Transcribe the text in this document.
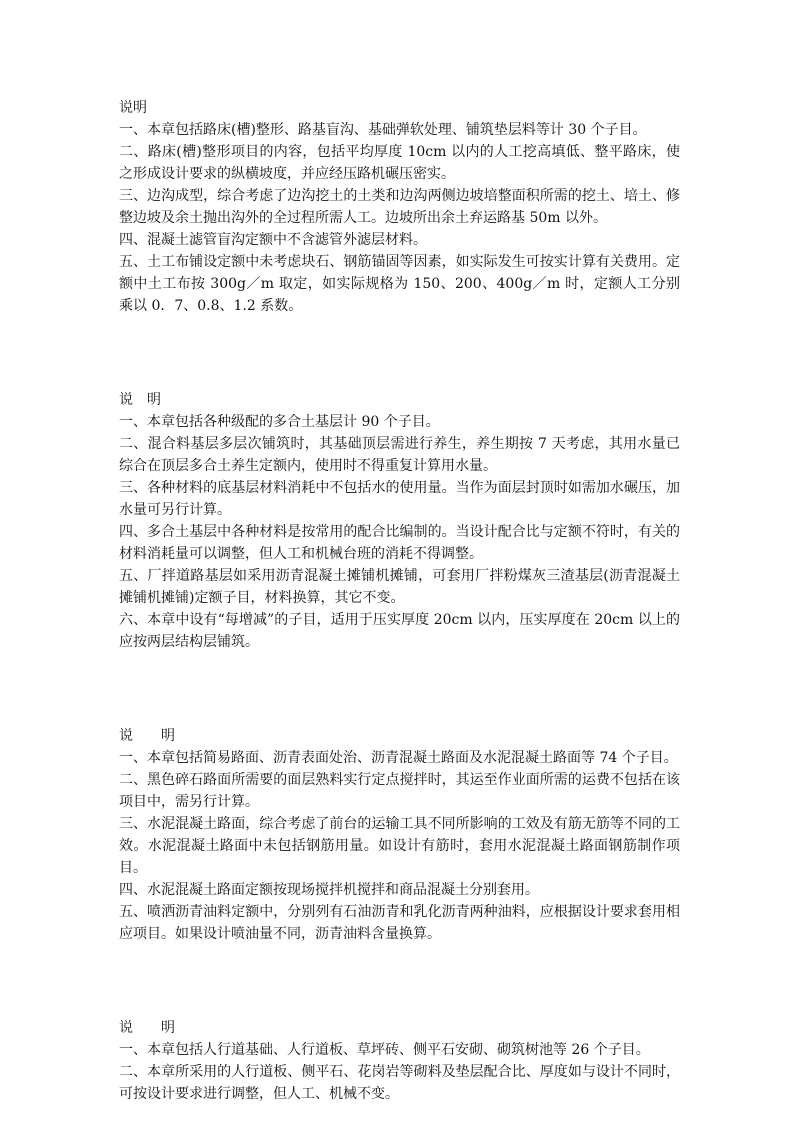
说明

一、本章包括路床(槽)整形、路基盲沟、基础弹软处理、铺筑垫层料等计 30 个子目。

二、路床(槽)整形项目的内容，包括平均厚度 10cm 以内的人工挖高填低、整平路床，使之形成设计要求的纵横坡度，并应经压路机碾压密实。

三、边沟成型，综合考虑了边沟挖土的土类和边沟两侧边坡培整面积所需的挖土、培土、修整边坡及余土抛出沟外的全过程所需人工。边坡所出余土弃运路基 50m 以外。

四、混凝土滤管盲沟定额中不含滤管外滤层材料。

五、土工布铺设定额中未考虑块石、钢筋锚固等因素，如实际发生可按实计算有关费用。定额中土工布按 300g／m 取定，如实际规格为 150、200、400g／m 时，定额人工分别乘以 0．7、0.8、1.2 系数。

说　明

一、本章包括各种级配的多合土基层计 90 个子目。

二、混合料基层多层次铺筑时，其基础顶层需进行养生，养生期按 7 天考虑，其用水量已综合在顶层多合土养生定额内，使用时不得重复计算用水量。

三、各种材料的底基层材料消耗中不包括水的使用量。当作为面层封顶时如需加水碾压，加水量可另行计算。

四、多合土基层中各种材料是按常用的配合比编制的。当设计配合比与定额不符时，有关的材料消耗量可以调整，但人工和机械台班的消耗不得调整。

五、厂拌道路基层如采用沥青混凝土摊铺机摊铺，可套用厂拌粉煤灰三渣基层(沥青混凝土摊铺机摊铺)定额子目，材料换算，其它不变。

六、本章中设有“每增减”的子目，适用于压实厚度 20cm 以内，压实厚度在 20cm 以上的应按两层结构层铺筑。

说　　明

一、本章包括简易路面、沥青表面处治、沥青混凝土路面及水泥混凝土路面等 74 个子目。

二、黑色碎石路面所需要的面层熟料实行定点搅拌时，其运至作业面所需的运费不包括在该项目中，需另行计算。

三、水泥混凝土路面，综合考虑了前台的运输工具不同所影响的工效及有筋无筋等不同的工效。水泥混凝土路面中未包括钢筋用量。如设计有筋时，套用水泥混凝土路面钢筋制作项目。

四、水泥混凝土路面定额按现场搅拌机搅拌和商品混凝土分别套用。

五、喷洒沥青油料定额中，分别列有石油沥青和乳化沥青两种油料，应根据设计要求套用相应项目。如果设计喷油量不同，沥青油料含量换算。

说　　明

一、本章包括人行道基础、人行道板、草坪砖、侧平石安砌、砌筑树池等 26 个子目。

二、本章所采用的人行道板、侧平石、花岗岩等砌料及垫层配合比、厚度如与设计不同时，可按设计要求进行调整，但人工、机械不变。
